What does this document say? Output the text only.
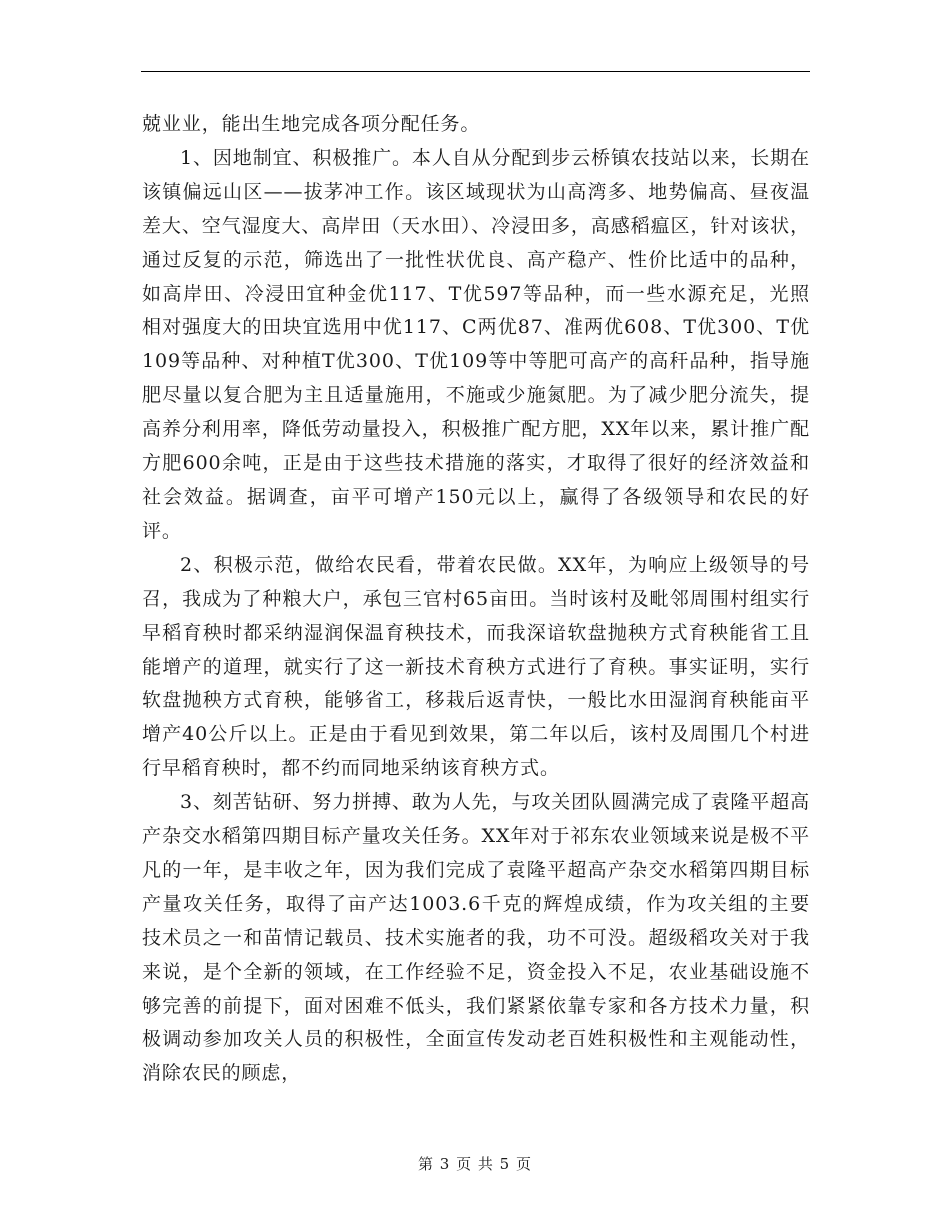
兢业业，能出生地完成各项分配任务。

1、因地制宜、积极推广。本人自从分配到步云桥镇农技站以来，长期在该镇偏远山区——拔茅冲工作。该区域现状为山高湾多、地势偏高、昼夜温差大、空气湿度大、高岸田（天水田）、冷浸田多，高感稻瘟区，针对该状，通过反复的示范，筛选出了一批性状优良、高产稳产、性价比适中的品种，如高岸田、冷浸田宜种金优117、T优597等品种，而一些水源充足，光照相对强度大的田块宜选用中优117、C两优87、准两优608、T优300、T优109等品种、对种植T优300、T优109等中等肥可高产的高秆品种，指导施肥尽量以复合肥为主且适量施用，不施或少施氮肥。为了减少肥分流失，提高养分利用率，降低劳动量投入，积极推广配方肥，XX年以来，累计推广配方肥600余吨，正是由于这些技术措施的落实，才取得了很好的经济效益和社会效益。据调查，亩平可增产150元以上，赢得了各级领导和农民的好评。

2、积极示范，做给农民看，带着农民做。XX年，为响应上级领导的号召，我成为了种粮大户，承包三官村65亩田。当时该村及毗邻周围村组实行早稻育秧时都采纳湿润保温育秧技术，而我深谙软盘抛秧方式育秧能省工且能增产的道理，就实行了这一新技术育秧方式进行了育秧。事实证明，实行软盘抛秧方式育秧，能够省工，移栽后返青快，一般比水田湿润育秧能亩平增产40公斤以上。正是由于看见到效果，第二年以后，该村及周围几个村进行早稻育秧时，都不约而同地采纳该育秧方式。

3、刻苦钻研、努力拼搏、敢为人先，与攻关团队圆满完成了袁隆平超高产杂交水稻第四期目标产量攻关任务。XX年对于祁东农业领域来说是极不平凡的一年，是丰收之年，因为我们完成了袁隆平超高产杂交水稻第四期目标产量攻关任务，取得了亩产达1003.6千克的辉煌成绩，作为攻关组的主要技术员之一和苗情记载员、技术实施者的我，功不可没。超级稻攻关对于我来说，是个全新的领域，在工作经验不足，资金投入不足，农业基础设施不够完善的前提下，面对困难不低头，我们紧紧依靠专家和各方技术力量，积极调动参加攻关人员的积极性，全面宣传发动老百姓积极性和主观能动性，消除农民的顾虑，

第 3 页 共 5 页
